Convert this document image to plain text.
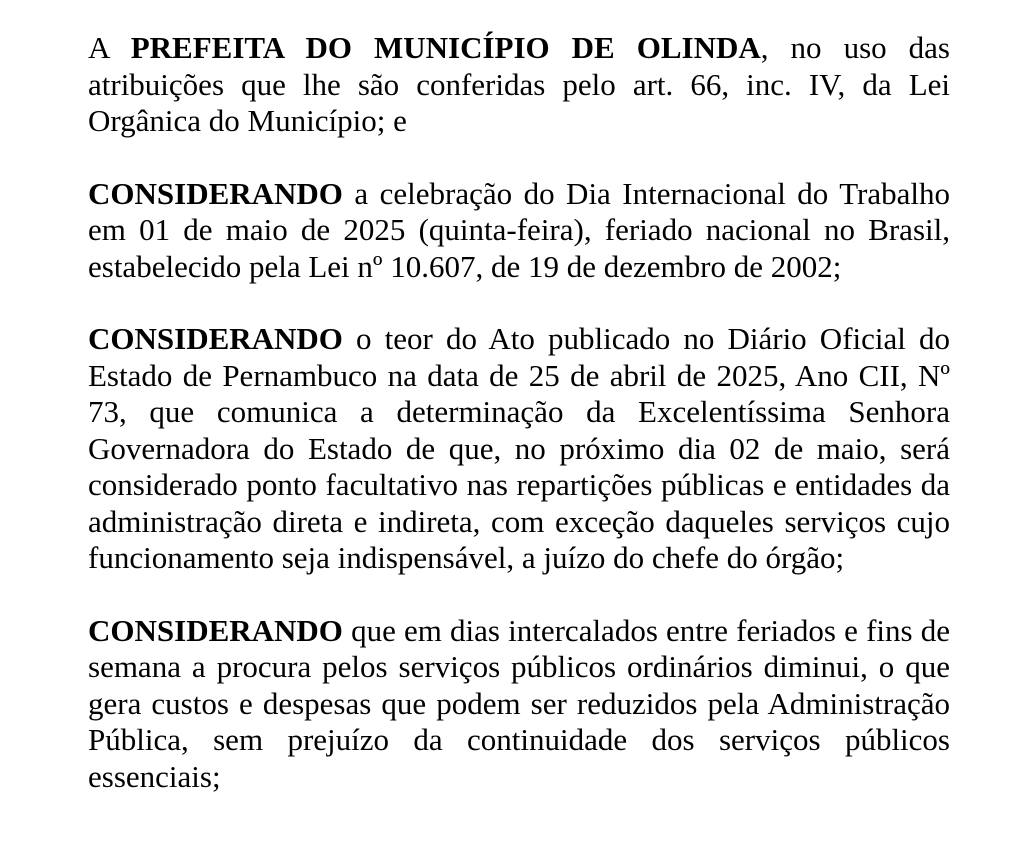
A PREFEITA DO MUNICÍPIO DE OLINDA, no uso das atribuições que lhe são conferidas pelo art. 66, inc. IV, da Lei Orgânica do Município; e

CONSIDERANDO a celebração do Dia Internacional do Trabalho em 01 de maio de 2025 (quinta-feira), feriado nacional no Brasil, estabelecido pela Lei nº 10.607, de 19 de dezembro de 2002;

CONSIDERANDO o teor do Ato publicado no Diário Oficial do Estado de Pernambuco na data de 25 de abril de 2025, Ano CII, Nº 73, que comunica a determinação da Excelentíssima Senhora Governadora do Estado de que, no próximo dia 02 de maio, será considerado ponto facultativo nas repartições públicas e entidades da administração direta e indireta, com exceção daqueles serviços cujo funcionamento seja indispensável, a juízo do chefe do órgão;

CONSIDERANDO que em dias intercalados entre feriados e fins de semana a procura pelos serviços públicos ordinários diminui, o que gera custos e despesas que podem ser reduzidos pela Administração Pública, sem prejuízo da continuidade dos serviços públicos essenciais;
